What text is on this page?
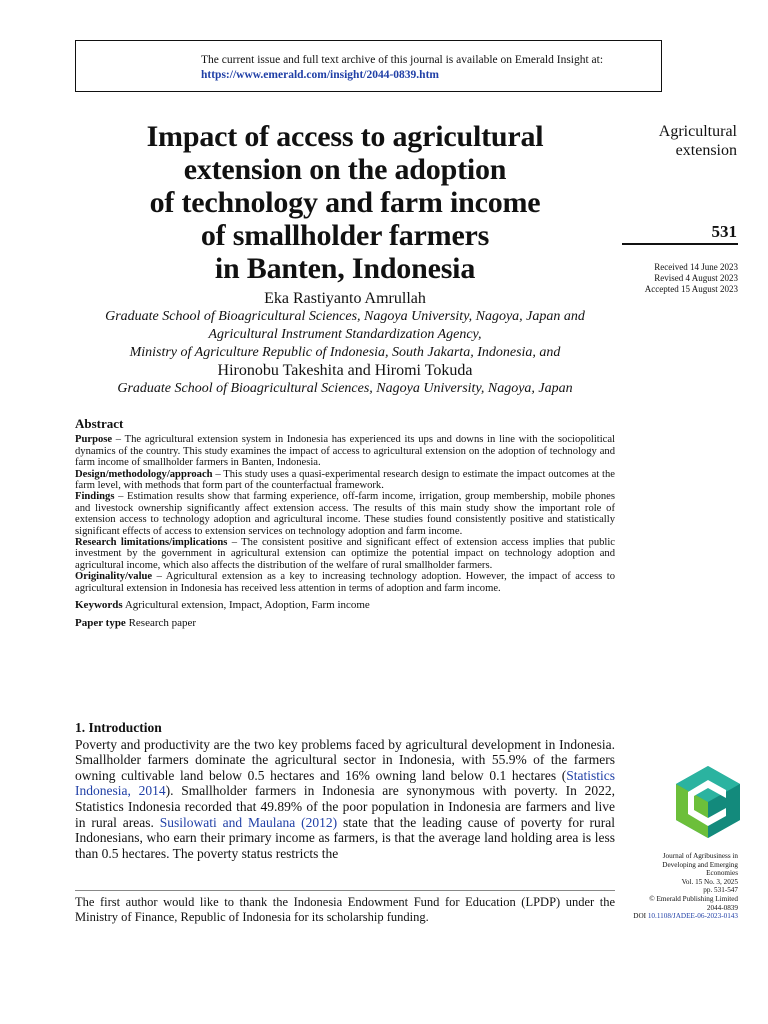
The current issue and full text archive of this journal is available on Emerald Insight at:
https://www.emerald.com/insight/2044-0839.htm
Impact of access to agricultural
extension on the adoption
of technology and farm income
of smallholder farmers
in Banten, Indonesia
Eka Rastiyanto Amrullah
Graduate School of Bioagricultural Sciences, Nagoya University, Nagoya, Japan and
Agricultural Instrument Standardization Agency,
Ministry of Agriculture Republic of Indonesia, South Jakarta, Indonesia, and
Hironobu Takeshita and Hiromi Tokuda
Graduate School of Bioagricultural Sciences, Nagoya University, Nagoya, Japan
Agricultural
extension
531
Received 14 June 2023
Revised 4 August 2023
Accepted 15 August 2023
Abstract

Purpose – The agricultural extension system in Indonesia has experienced its ups and downs in line with the sociopolitical dynamics of the country. This study examines the impact of access to agricultural extension on the adoption of technology and farm income of smallholder farmers in Banten, Indonesia.

Design/methodology/approach – This study uses a quasi-experimental research design to estimate the impact outcomes at the farm level, with methods that form part of the counterfactual framework.

Findings – Estimation results show that farming experience, off-farm income, irrigation, group membership, mobile phones and livestock ownership significantly affect extension access. The results of this main study show the important role of extension access to technology adoption and agricultural income. These studies found consistently positive and statistically significant effects of access to extension services on technology adoption and farm income.

Research limitations/implications – The consistent positive and significant effect of extension access implies that public investment by the government in agricultural extension can optimize the potential impact on technology adoption and agricultural income, which also affects the distribution of the welfare of rural smallholder farmers.

Originality/value – Agricultural extension as a key to increasing technology adoption. However, the impact of access to agricultural extension in Indonesia has received less attention in terms of adoption and farm income.

Keywords Agricultural extension, Impact, Adoption, Farm income

Paper type Research paper

1. Introduction

Poverty and productivity are the two key problems faced by agricultural development in Indonesia. Smallholder farmers dominate the agricultural sector in Indonesia, with 55.9% of the farmers owning cultivable land below 0.5 hectares and 16% owning land below 0.1 hectares (Statistics Indonesia, 2014). Smallholder farmers in Indonesia are synonymous with poverty. In 2022, Statistics Indonesia recorded that 49.89% of the poor population in Indonesia are farmers and live in rural areas. Susilowati and Maulana (2012) state that the leading cause of poverty for rural Indonesians, who earn their primary income as farmers, is that the average land holding area is less than 0.5 hectares. The poverty status restricts the

The first author would like to thank the Indonesia Endowment Fund for Education (LPDP) under the Ministry of Finance, Republic of Indonesia for its scholarship funding.
Journal of Agribusiness in
Developing and Emerging
Economies
Vol. 15 No. 3, 2025
pp. 531-547
© Emerald Publishing Limited
2044-0839
DOI 10.1108/JADEE-06-2023-0143
